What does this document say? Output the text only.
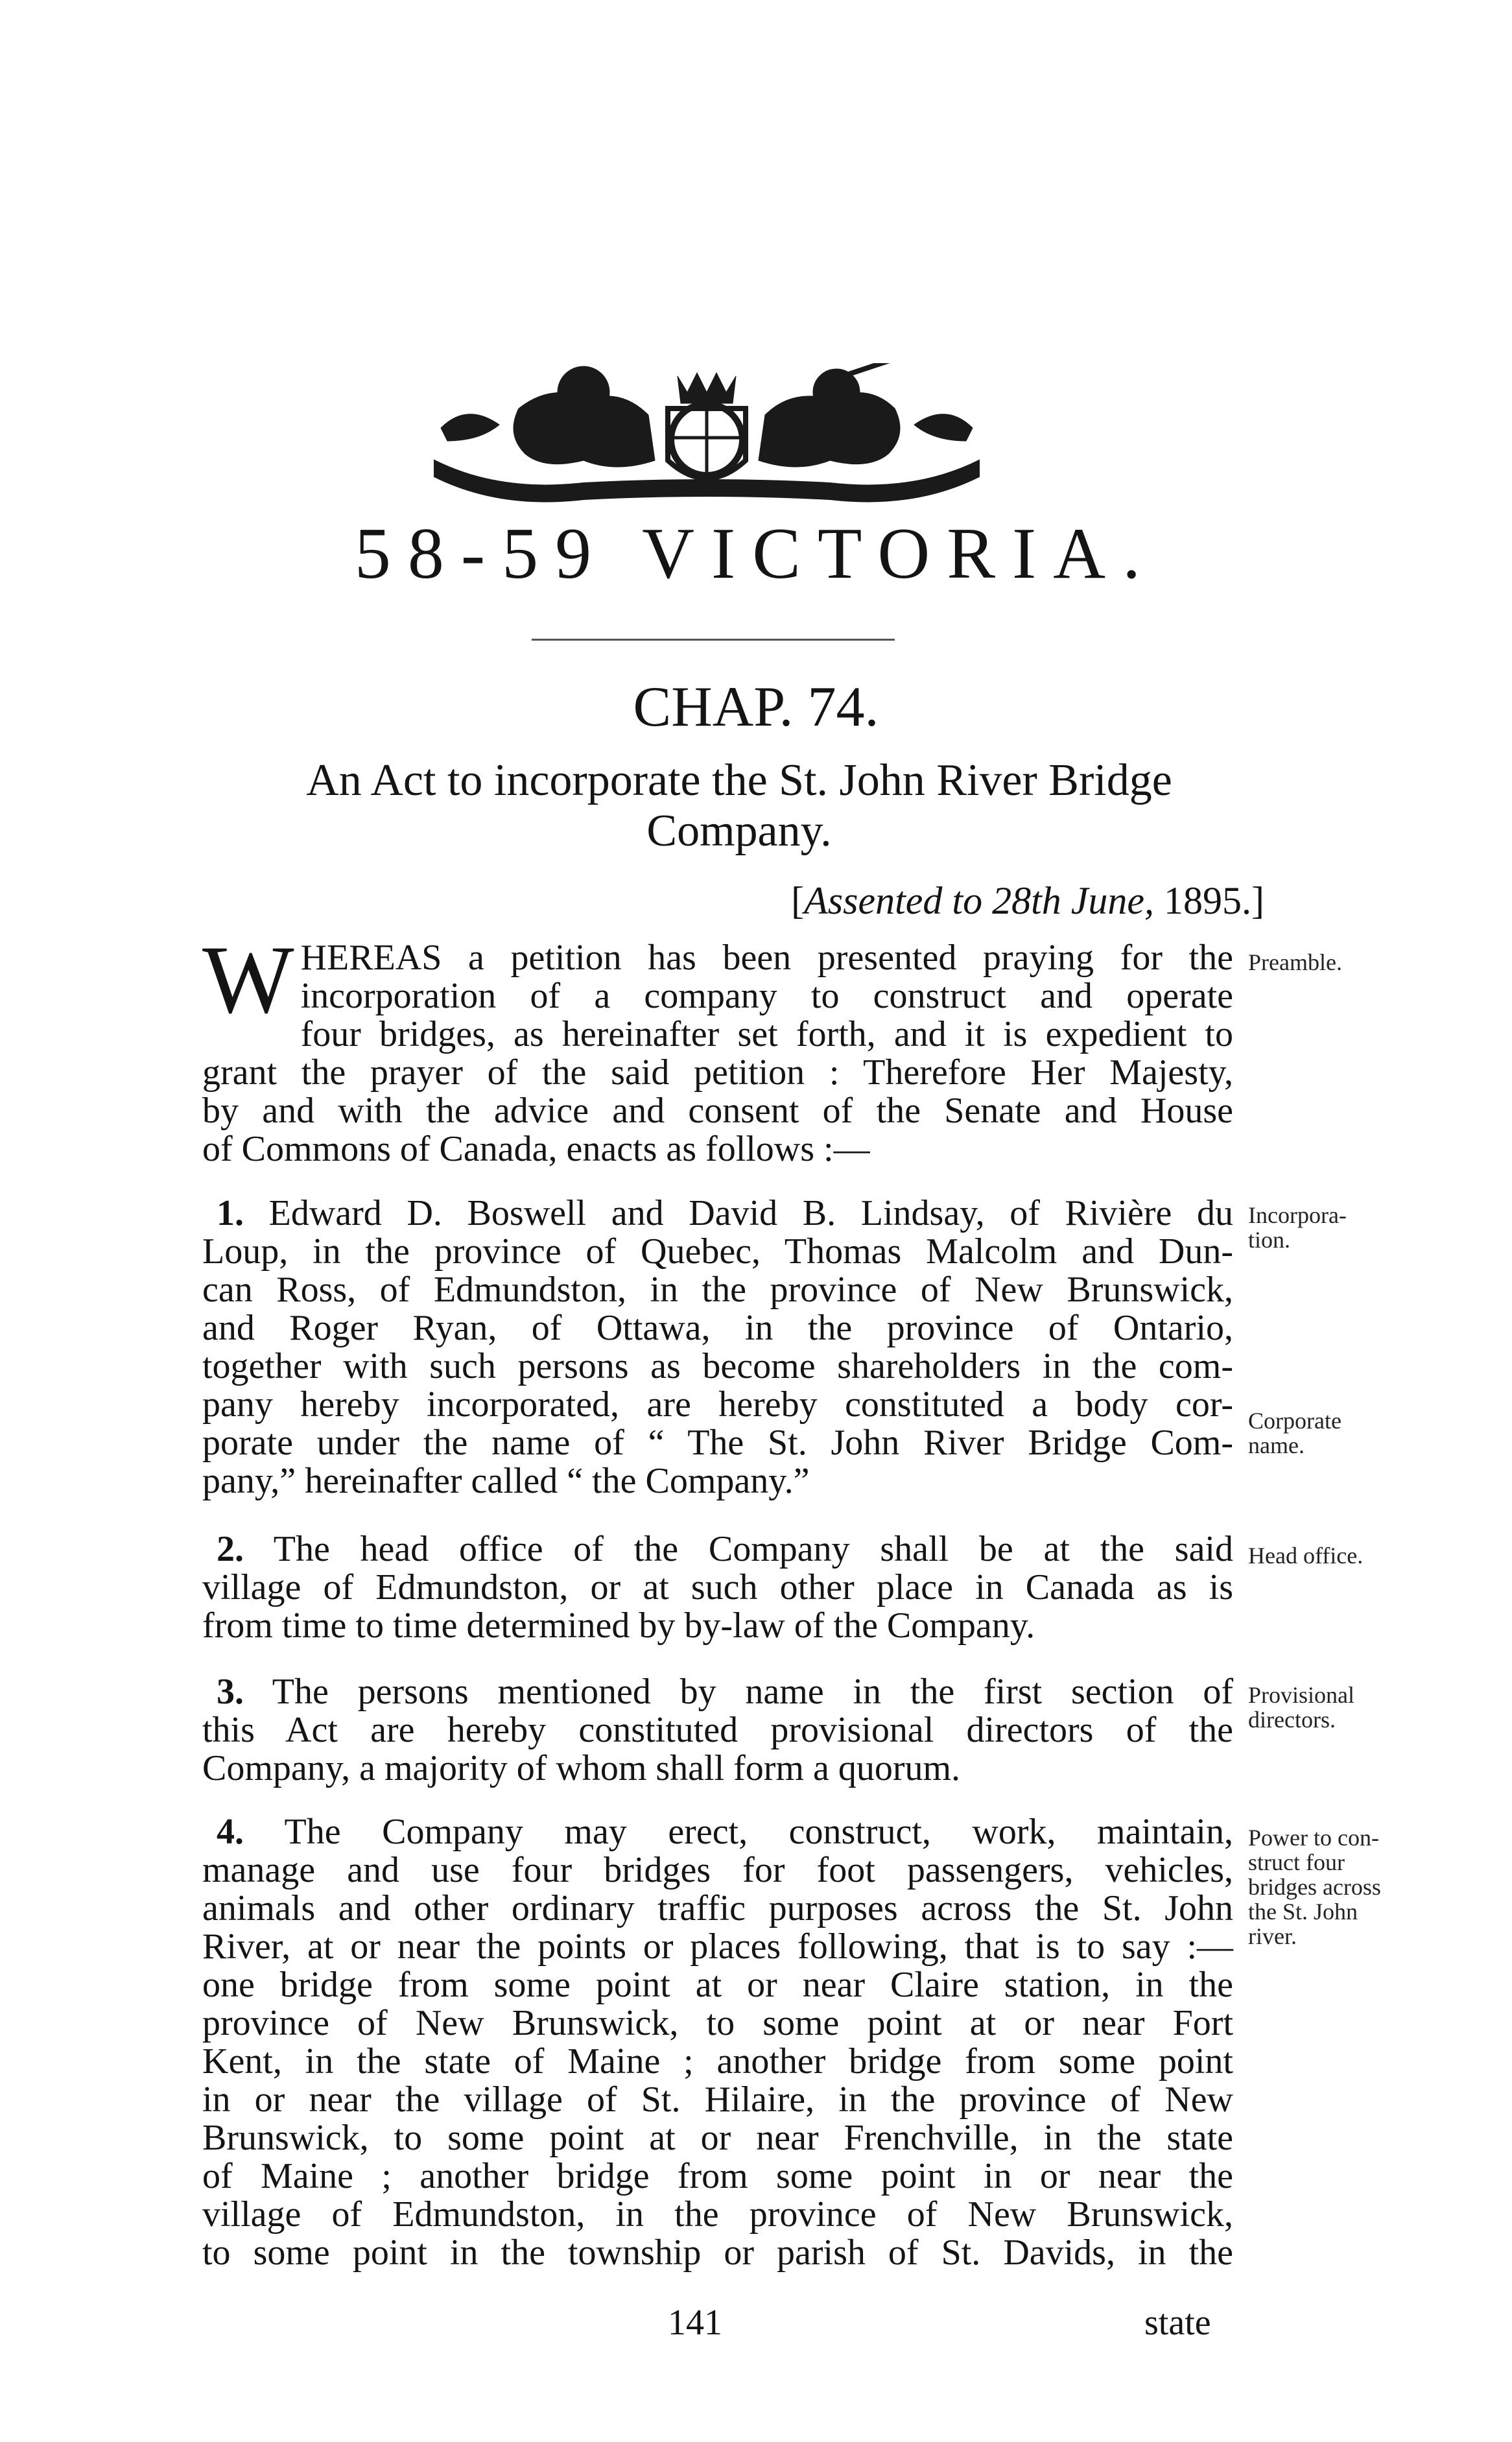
58-59 VICTORIA.
CHAP. 74.
An Act to incorporate the St. John River Bridge Company.
[Assented to 28th June, 1895.]
W HEREAS a petition has been presented praying for the
incorporation of a company to construct and operate
four bridges, as hereinafter set forth, and it is expedient to
grant the prayer of the said petition : Therefore Her Majesty,
by and with the advice and consent of the Senate and House
of Commons of Canada, enacts as follows :—
1. Edward D. Boswell and David B. Lindsay, of Rivière du
Loup, in the province of Quebec, Thomas Malcolm and Dun-
can Ross, of Edmundston, in the province of New Brunswick,
and Roger Ryan, of Ottawa, in the province of Ontario,
together with such persons as become shareholders in the com-
pany hereby incorporated, are hereby constituted a body cor-
porate under the name of “ The St. John River Bridge Com-
pany,” hereinafter called “ the Company.”
2. The head office of the Company shall be at the said
village of Edmundston, or at such other place in Canada as is
from time to time determined by by-law of the Company.
3. The persons mentioned by name in the first section of
this Act are hereby constituted provisional directors of the
Company, a majority of whom shall form a quorum.
4. The Company may erect, construct, work, maintain,
manage and use four bridges for foot passengers, vehicles,
animals and other ordinary traffic purposes across the St. John
River, at or near the points or places following, that is to say :—
one bridge from some point at or near Claire station, in the
province of New Brunswick, to some point at or near Fort
Kent, in the state of Maine ; another bridge from some point
in or near the village of St. Hilaire, in the province of New
Brunswick, to some point at or near Frenchville, in the state
of Maine ; another bridge from some point in or near the
village of Edmundston, in the province of New Brunswick,
to some point in the township or parish of St. Davids, in the
Preamble.
Incorpora-
tion.
Corporate
name.
Head office.
Provisional
directors.
Power to con-
struct four
bridges across
the St. John
river.
141	state
